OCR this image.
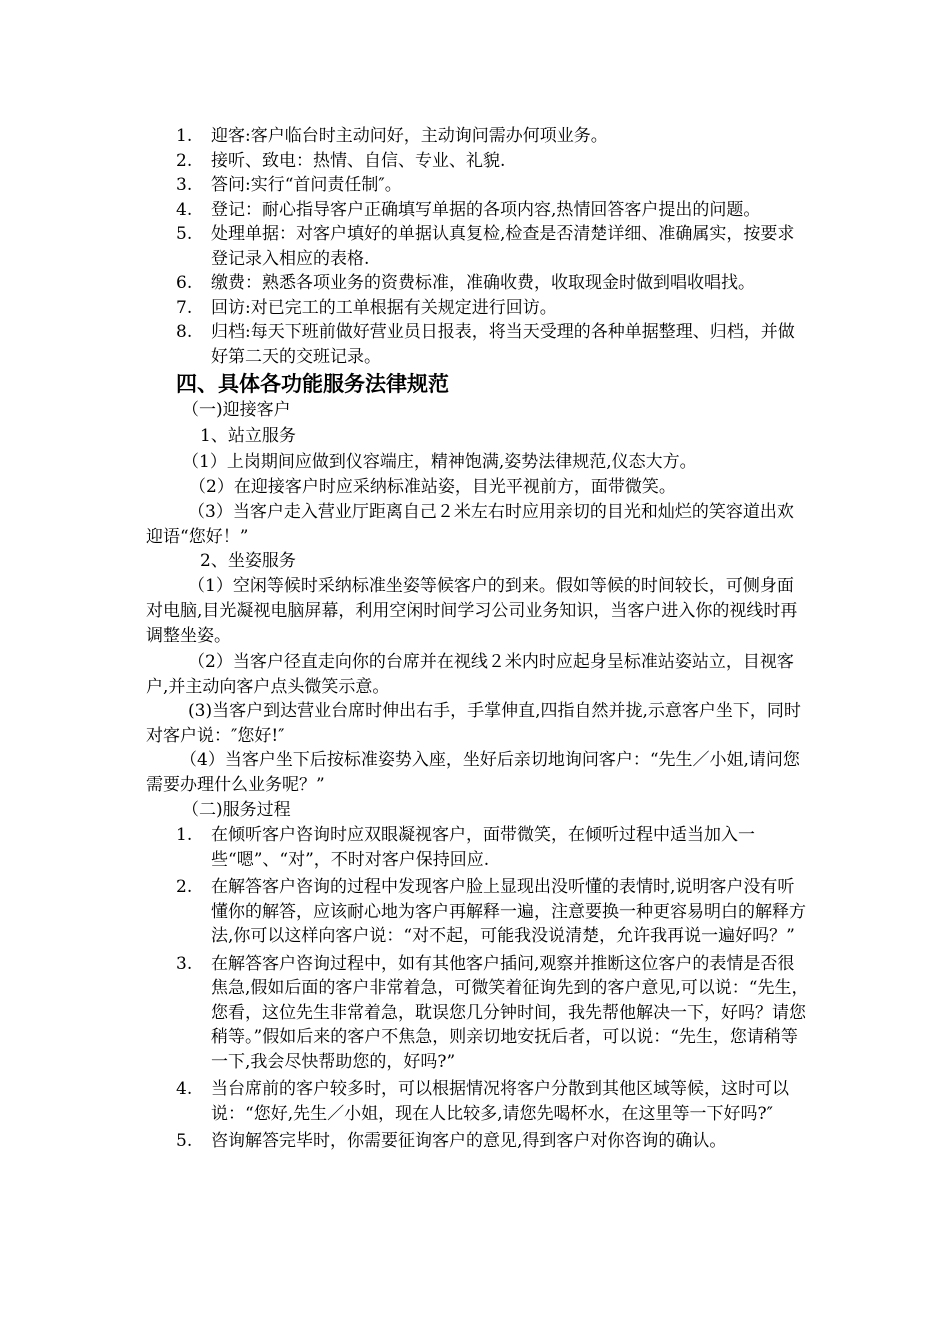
1.	迎客:客户临台时主动问好，主动询问需办何项业务。
2.	接听、致电：热情、自信、专业、礼貌.
3.	答问:实行“首问责任制″。
4.	登记：耐心指导客户正确填写单据的各项内容,热情回答客户提出的问题。
5.	处理单据：对客户填好的单据认真复检,检查是否清楚详细、准确属实，按要求登记录入相应的表格.
6.	缴费：熟悉各项业务的资费标准，准确收费，收取现金时做到唱收唱找。
7.	回访:对已完工的工单根据有关规定进行回访。
8.	归档:每天下班前做好营业员日报表，将当天受理的各种单据整理、归档，并做好第二天的交班记录。
四、具体各功能服务法律规范
（一)迎接客户
1、站立服务
（1）上岗期间应做到仪容端庄，精神饱满,姿势法律规范,仪态大方。
（2）在迎接客户时应采纳标准站姿，目光平视前方，面带微笑。
（3）当客户走入营业厅距离自己２米左右时应用亲切的目光和灿烂的笑容道出欢迎语“您好！”
2、坐姿服务
（1）空闲等候时采纳标准坐姿等候客户的到来。假如等候的时间较长，可侧身面对电脑,目光凝视电脑屏幕，利用空闲时间学习公司业务知识，当客户进入你的视线时再调整坐姿。
（2）当客户径直走向你的台席并在视线２米内时应起身呈标准站姿站立，目视客户,并主动向客户点头微笑示意。
(3)当客户到达营业台席时伸出右手，手掌伸直,四指自然并拢,示意客户坐下，同时对客户说：″您好!″
（4）当客户坐下后按标准姿势入座，坐好后亲切地询问客户：“先生／小姐,请问您需要办理什么业务呢？”
（二)服务过程
1.	在倾听客户咨询时应双眼凝视客户，面带微笑，在倾听过程中适当加入一些“嗯”、“对”，不时对客户保持回应.
2.	在解答客户咨询的过程中发现客户脸上显现出没听懂的表情时,说明客户没有听懂你的解答，应该耐心地为客户再解释一遍，注意要换一种更容易明白的解释方法,你可以这样向客户说：“对不起，可能我没说清楚，允许我再说一遍好吗？”
3.	在解答客户咨询过程中，如有其他客户插问,观察并推断这位客户的表情是否很焦急,假如后面的客户非常着急，可微笑着征询先到的客户意见,可以说：“先生，您看，这位先生非常着急，耽误您几分钟时间，我先帮他解决一下，好吗？请您稍等。”假如后来的客户不焦急，则亲切地安抚后者，可以说：“先生，您请稍等一下,我会尽快帮助您的，好吗?”
4.	当台席前的客户较多时，可以根据情况将客户分散到其他区域等候，这时可以说：“您好,先生／小姐，现在人比较多,请您先喝杯水，在这里等一下好吗?″
5.	咨询解答完毕时，你需要征询客户的意见,得到客户对你咨询的确认。
